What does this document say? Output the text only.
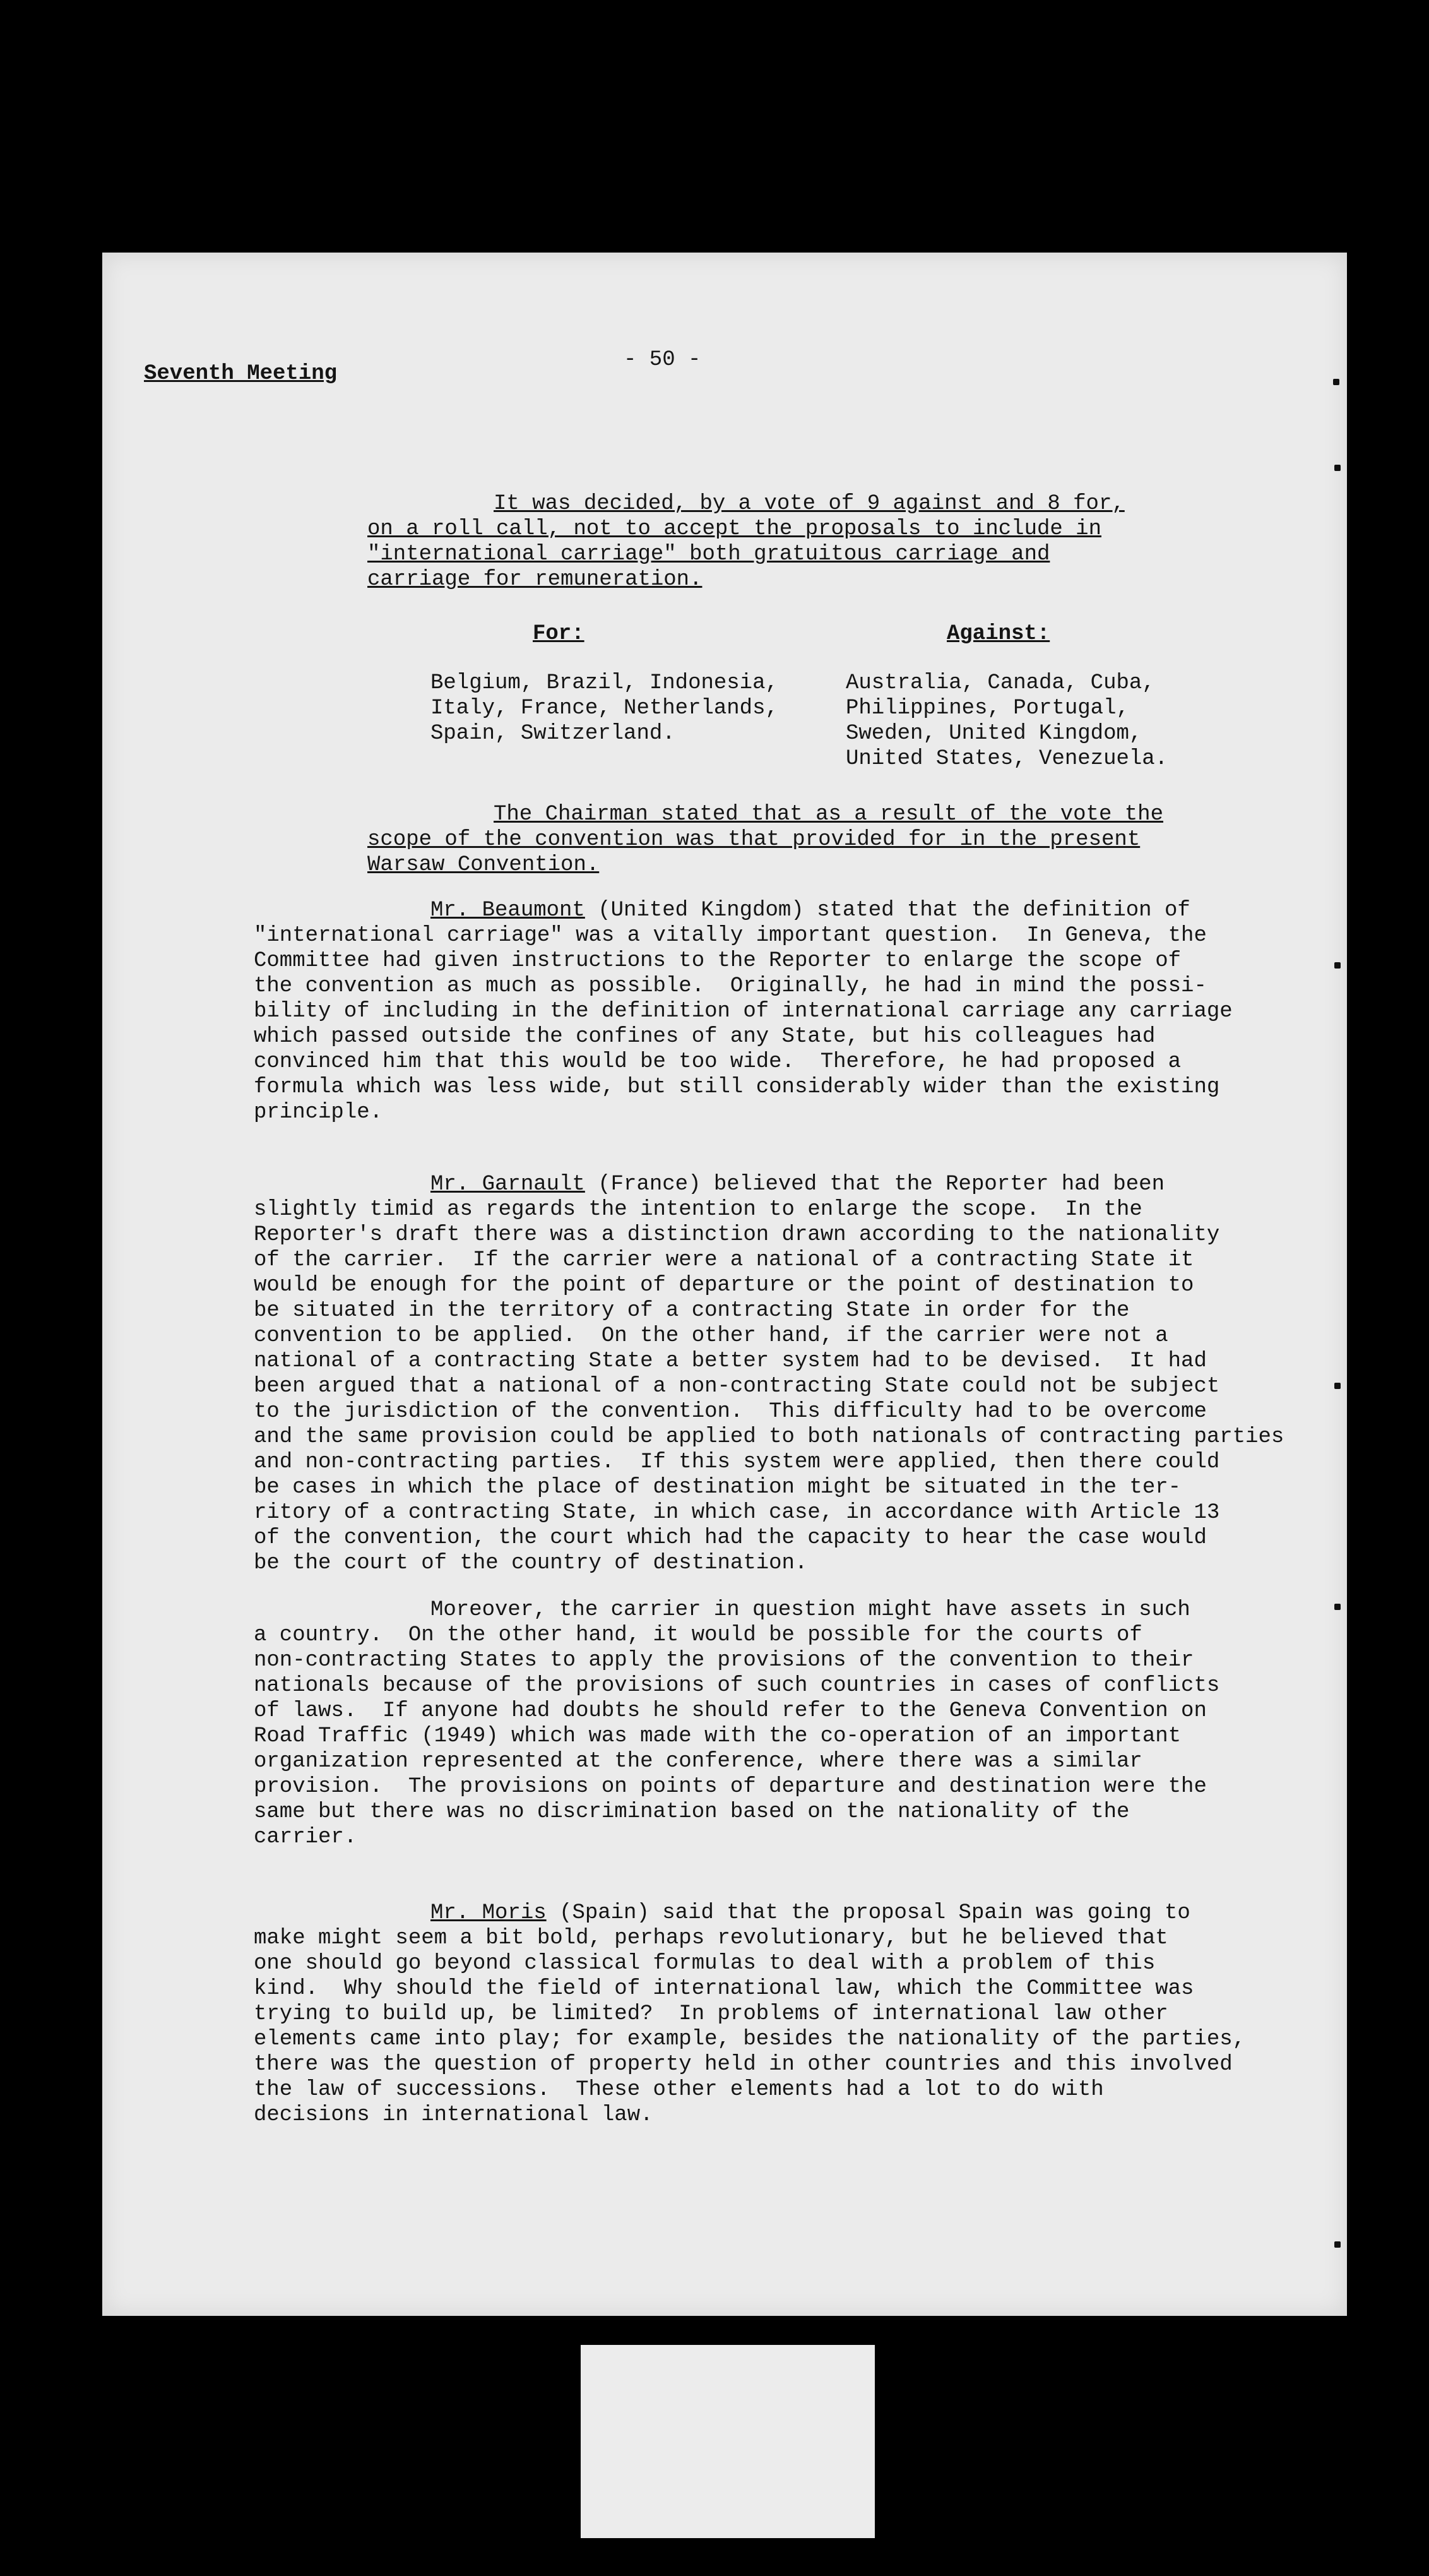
Seventh Meeting
- 50 -

It was decided, by a vote of 9 against and 8 for,

on a roll call, not to accept the proposals to include in

"international carriage" both gratuitous carriage and

carriage for remuneration.

For:

	Against:

Belgium, Brazil, Indonesia,

Italy, France, Netherlands,

Spain, Switzerland.

Australia, Canada, Cuba,

Philippines, Portugal,

Sweden, United Kingdom,

United States, Venezuela.

The Chairman stated that as a result of the vote the

scope of the convention was that provided for in the present

Warsaw Convention.

Mr. Beaumont (United Kingdom) stated that the definition of

"international carriage" was a vitally important question.  In Geneva, the

Committee had given instructions to the Reporter to enlarge the scope of

the convention as much as possible.  Originally, he had in mind the possi-

bility of including in the definition of international carriage any carriage

which passed outside the confines of any State, but his colleagues had

convinced him that this would be too wide.  Therefore, he had proposed a

formula which was less wide, but still considerably wider than the existing

principle.

Mr. Garnault (France) believed that the Reporter had been

slightly timid as regards the intention to enlarge the scope.  In the

Reporter's draft there was a distinction drawn according to the nationality

of the carrier.  If the carrier were a national of a contracting State it

would be enough for the point of departure or the point of destination to

be situated in the territory of a contracting State in order for the

convention to be applied.  On the other hand, if the carrier were not a

national of a contracting State a better system had to be devised.  It had

been argued that a national of a non-contracting State could not be subject

to the jurisdiction of the convention.  This difficulty had to be overcome

and the same provision could be applied to both nationals of contracting parties

and non-contracting parties.  If this system were applied, then there could

be cases in which the place of destination might be situated in the ter-

ritory of a contracting State, in which case, in accordance with Article 13

of the convention, the court which had the capacity to hear the case would

be the court of the country of destination.

Moreover, the carrier in question might have assets in such

a country.  On the other hand, it would be possible for the courts of

non-contracting States to apply the provisions of the convention to their

nationals because of the provisions of such countries in cases of conflicts

of laws.  If anyone had doubts he should refer to the Geneva Convention on

Road Traffic (1949) which was made with the co-operation of an important

organization represented at the conference, where there was a similar

provision.  The provisions on points of departure and destination were the

same but there was no discrimination based on the nationality of the

carrier.

Mr. Moris (Spain) said that the proposal Spain was going to

make might seem a bit bold, perhaps revolutionary, but he believed that

one should go beyond classical formulas to deal with a problem of this

kind.  Why should the field of international law, which the Committee was

trying to build up, be limited?  In problems of international law other

elements came into play; for example, besides the nationality of the parties,

there was the question of property held in other countries and this involved

the law of successions.  These other elements had a lot to do with

decisions in international law.
